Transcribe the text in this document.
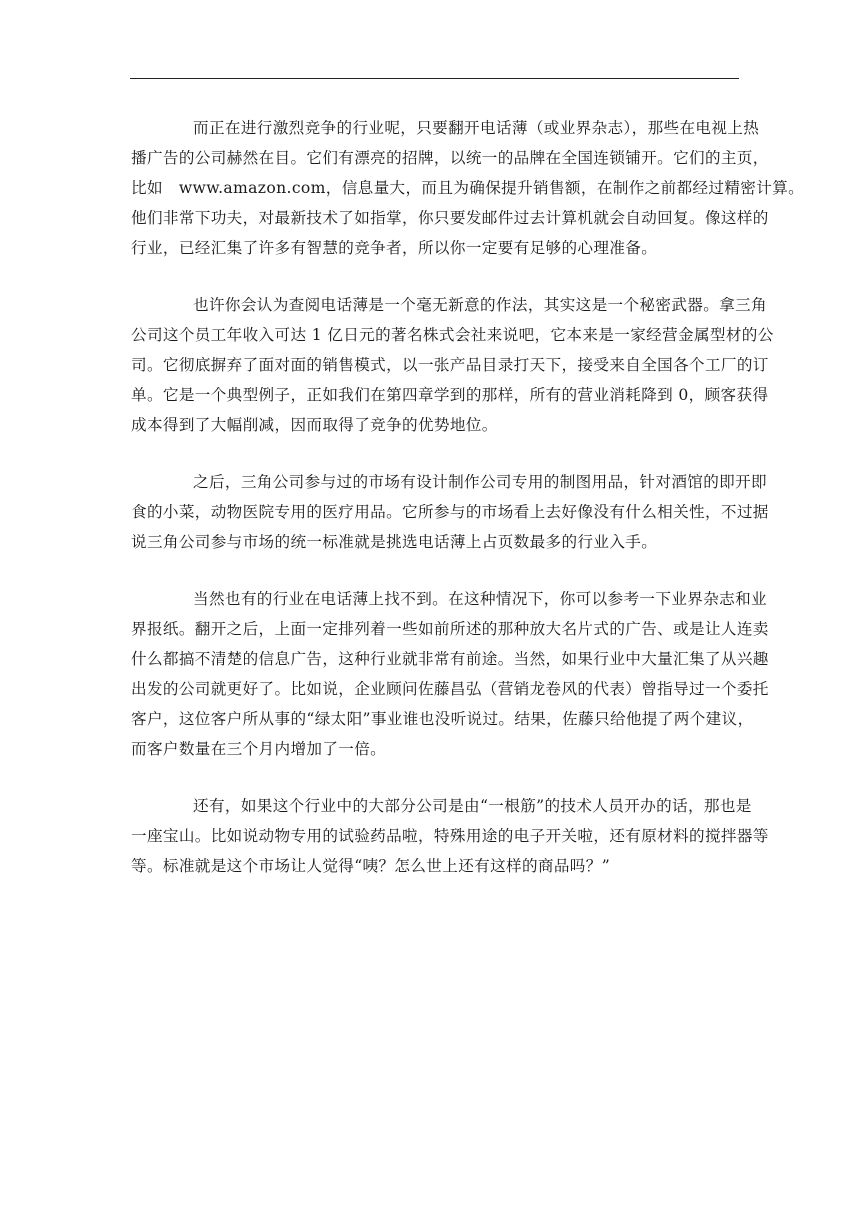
而正在进行激烈竞争的行业呢，只要翻开电话薄（或业界杂志），那些在电视上热
播广告的公司赫然在目。它们有漂亮的招牌，以统一的品牌在全国连锁铺开。它们的主页，
比如　www.amazon.com，信息量大，而且为确保提升销售额，在制作之前都经过精密计算。
他们非常下功夫，对最新技术了如指掌，你只要发邮件过去计算机就会自动回复。像这样的
行业，已经汇集了许多有智慧的竞争者，所以你一定要有足够的心理准备。

也许你会认为查阅电话薄是一个毫无新意的作法，其实这是一个秘密武器。拿三角
公司这个员工年收入可达 1 亿日元的著名株式会社来说吧，它本来是一家经营金属型材的公
司。它彻底摒弃了面对面的销售模式，以一张产品目录打天下，接受来自全国各个工厂的订
单。它是一个典型例子，正如我们在第四章学到的那样，所有的营业消耗降到 0，顾客获得
成本得到了大幅削减，因而取得了竞争的优势地位。

之后，三角公司参与过的市场有设计制作公司专用的制图用品，针对酒馆的即开即
食的小菜，动物医院专用的医疗用品。它所参与的市场看上去好像没有什么相关性，不过据
说三角公司参与市场的统一标准就是挑选电话薄上占页数最多的行业入手。

当然也有的行业在电话薄上找不到。在这种情况下，你可以参考一下业界杂志和业
界报纸。翻开之后，上面一定排列着一些如前所述的那种放大名片式的广告、或是让人连卖
什么都搞不清楚的信息广告，这种行业就非常有前途。当然，如果行业中大量汇集了从兴趣
出发的公司就更好了。比如说，企业顾问佐藤昌弘（营销龙卷风的代表）曾指导过一个委托
客户，这位客户所从事的“绿太阳”事业谁也没听说过。结果，佐藤只给他提了两个建议，
而客户数量在三个月内增加了一倍。

还有，如果这个行业中的大部分公司是由“一根筋”的技术人员开办的话，那也是
一座宝山。比如说动物专用的试验药品啦，特殊用途的电子开关啦，还有原材料的搅拌器等
等。标准就是这个市场让人觉得“咦？怎么世上还有这样的商品吗？”
